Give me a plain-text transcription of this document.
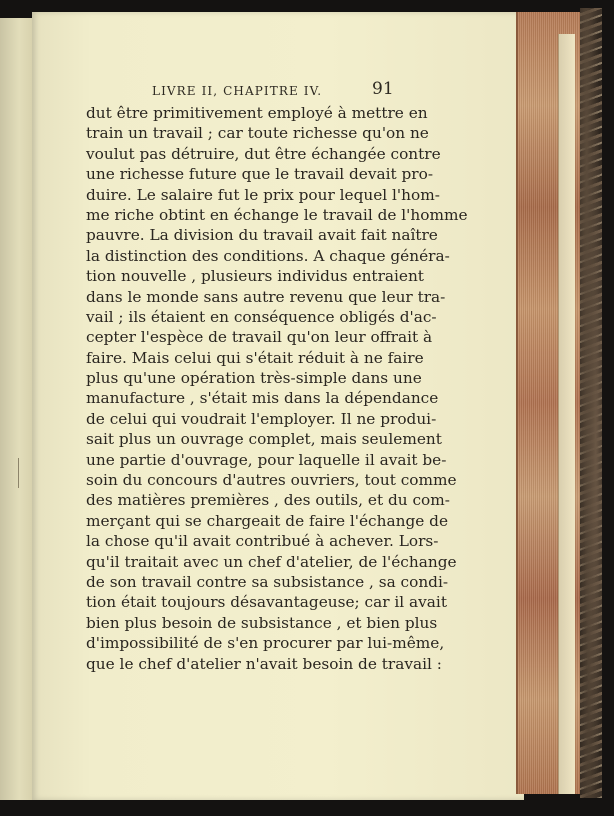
LIVRE II, CHAPITRE IV.	91
dut être primitivement employé à mettre en
train un travail ; car toute richesse qu'on ne
voulut pas détruire, dut être échangée contre
une richesse future que le travail devait pro-
duire. Le salaire fut le prix pour lequel l'hom-
me riche obtint en échange le travail de l'homme
pauvre. La division du travail avait fait naître
la distinction des conditions. A chaque généra-
tion nouvelle , plusieurs individus entraient
dans le monde sans autre revenu que leur tra-
vail ; ils étaient en conséquence obligés d'ac-
cepter l'espèce de travail qu'on leur offrait à
faire. Mais celui qui s'était réduit à ne faire
plus qu'une opération très-simple dans une
manufacture , s'était mis dans la dépendance
de celui qui voudrait l'employer. Il ne produi-
sait plus un ouvrage complet, mais seulement
une partie d'ouvrage, pour laquelle il avait be-
soin du concours d'autres ouvriers, tout comme
des matières premières , des outils, et du com-
merçant qui se chargeait de faire l'échange de
la chose qu'il avait contribué à achever. Lors-
qu'il traitait avec un chef d'atelier, de l'échange
de son travail contre sa subsistance , sa condi-
tion était toujours désavantageuse; car il avait
bien plus besoin de subsistance , et bien plus
d'impossibilité de s'en procurer par lui-même,
que le chef d'atelier n'avait besoin de travail :
